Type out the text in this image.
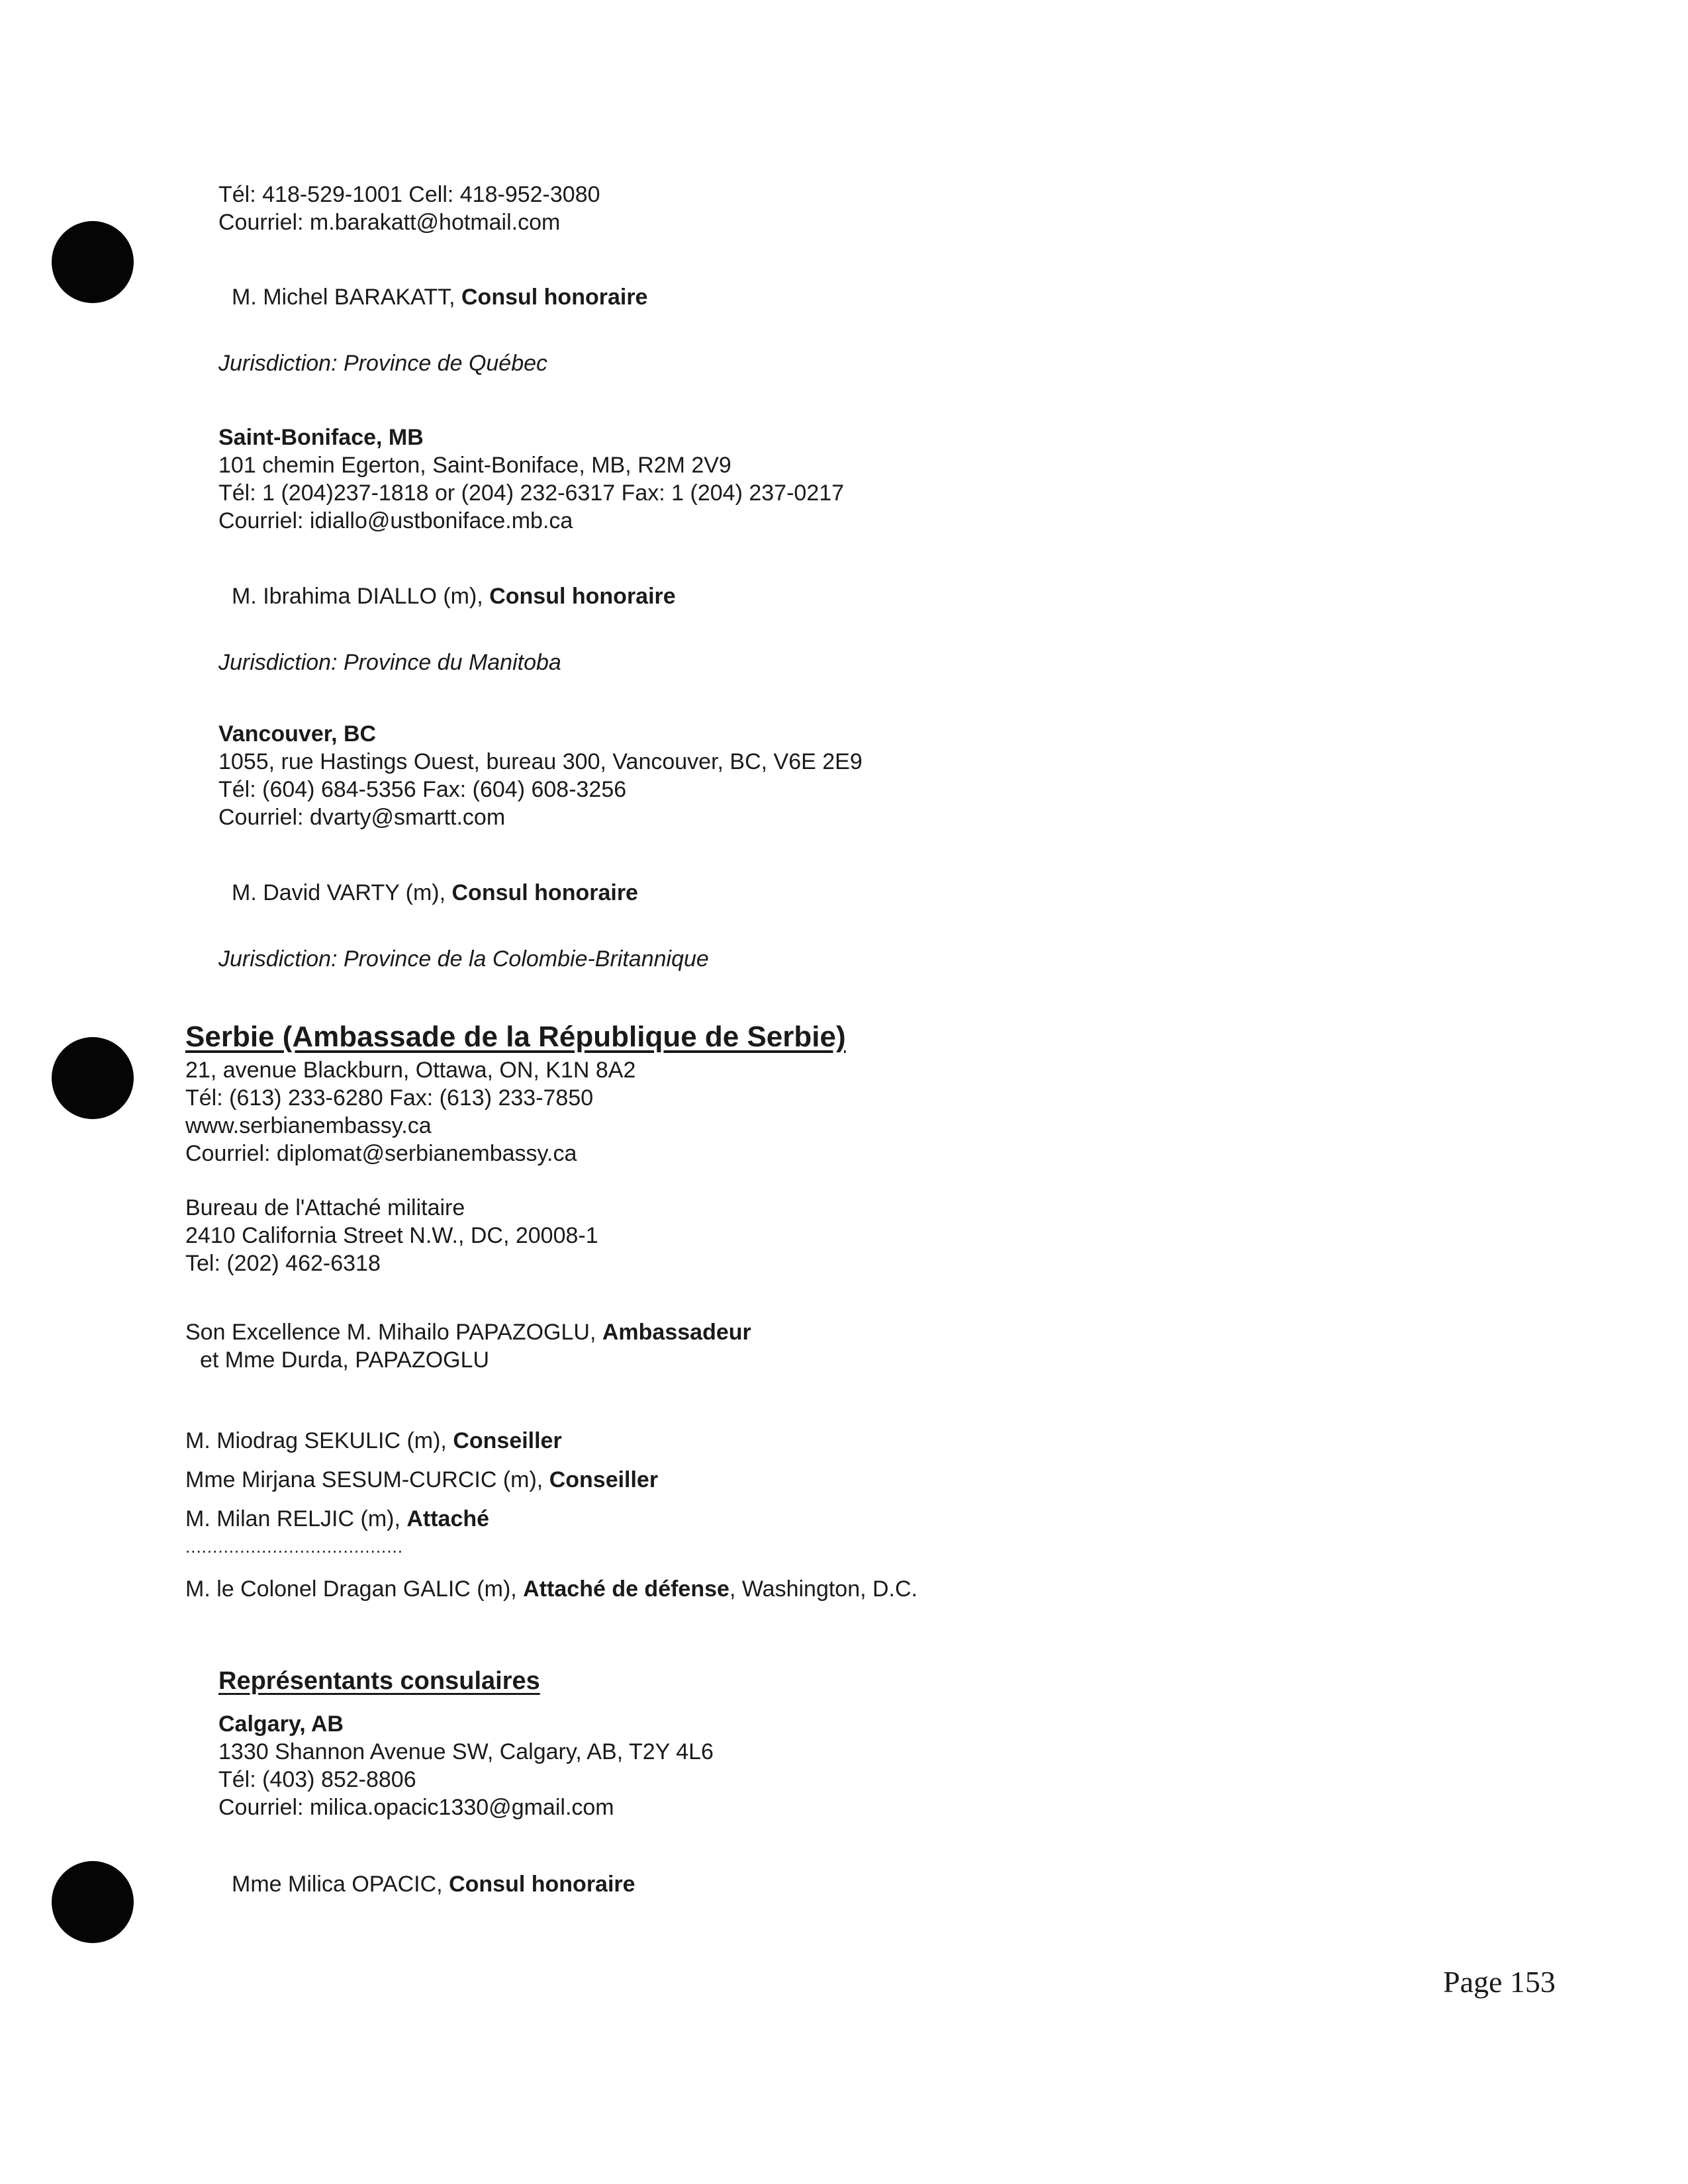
Tél: 418-529-1001 Cell: 418-952-3080
Courriel: m.barakatt@hotmail.com
M. Michel BARAKATT, Consul honoraire
Jurisdiction: Province de Québec
Saint-Boniface, MB
101 chemin Egerton, Saint-Boniface, MB, R2M 2V9
Tél: 1 (204)237-1818 or (204) 232-6317 Fax: 1 (204) 237-0217
Courriel: idiallo@ustboniface.mb.ca
M. Ibrahima DIALLO (m), Consul honoraire
Jurisdiction: Province du Manitoba
Vancouver, BC
1055, rue Hastings Ouest, bureau 300, Vancouver, BC, V6E 2E9
Tél: (604) 684-5356 Fax: (604) 608-3256
Courriel: dvarty@smartt.com
M. David VARTY (m), Consul honoraire
Jurisdiction: Province de la Colombie-Britannique
Serbie (Ambassade de la République de Serbie)
21, avenue Blackburn, Ottawa, ON, K1N 8A2
Tél: (613) 233-6280 Fax: (613) 233-7850
www.serbianembassy.ca
Courriel: diplomat@serbianembassy.ca
Bureau de l'Attaché militaire
2410 California Street N.W., DC, 20008-1
Tel: (202) 462-6318
Son Excellence M. Mihailo PAPAZOGLU, Ambassadeur
et Mme Durda, PAPAZOGLU
M. Miodrag SEKULIC (m), Conseiller
Mme Mirjana SESUM-CURCIC (m), Conseiller
M. Milan RELJIC (m), Attaché
........................................
M. le Colonel Dragan GALIC (m), Attaché de défense, Washington, D.C.
Représentants consulaires
Calgary, AB
1330 Shannon Avenue SW, Calgary, AB, T2Y 4L6
Tél: (403) 852-8806
Courriel: milica.opacic1330@gmail.com
Mme Milica OPACIC, Consul honoraire
Page 153
